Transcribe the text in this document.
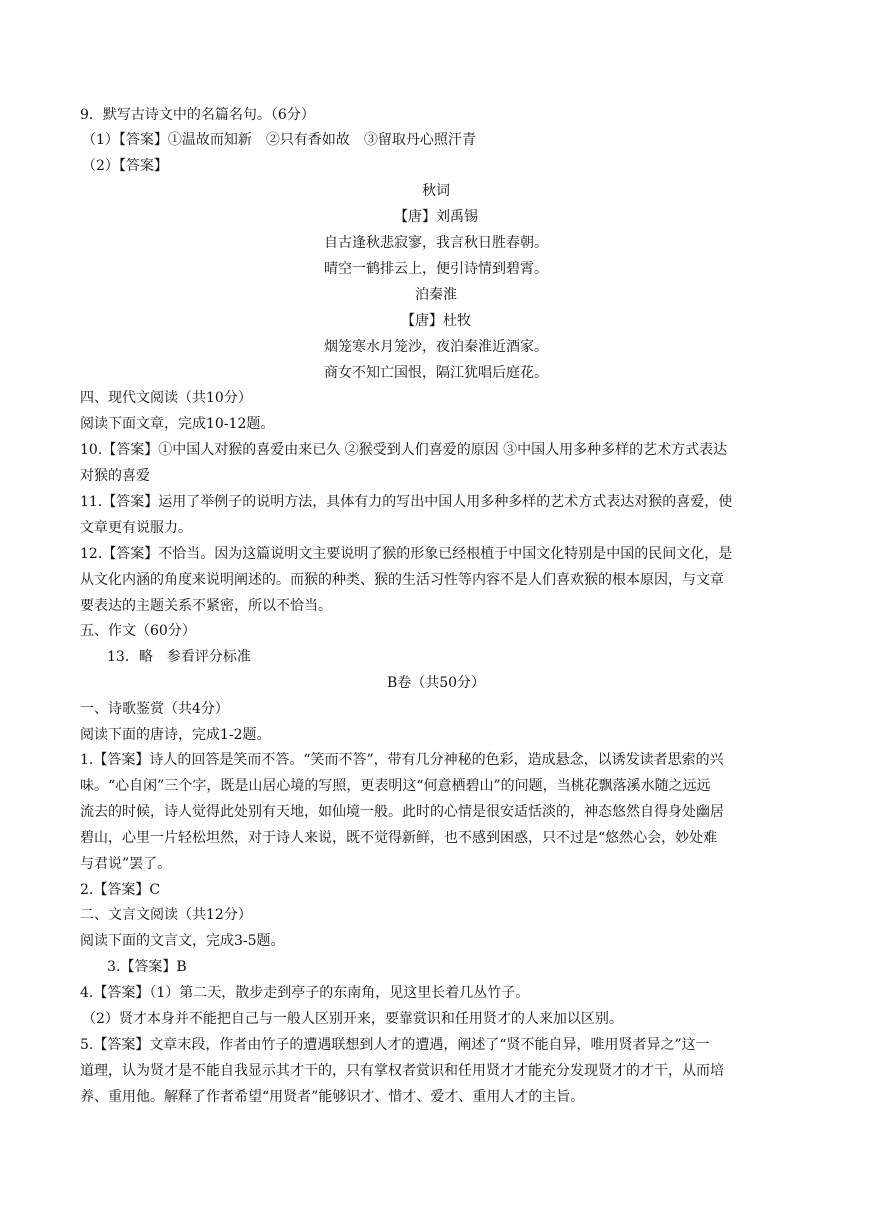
9．默写古诗文中的名篇名句。（6分）
（1）【答案】①温故而知新　②只有香如故　③留取丹心照汗青
（2）【答案】
秋词
【唐】刘禹锡
自古逢秋悲寂寥，我言秋日胜春朝。
晴空一鹤排云上，便引诗情到碧霄。
泊秦淮
【唐】杜牧
烟笼寒水月笼沙，夜泊秦淮近酒家。
商女不知亡国恨，隔江犹唱后庭花。
四、现代文阅读（共10分）
阅读下面文章，完成10-12题。
10.【答案】①中国人对猴的喜爱由来已久 ②猴受到人们喜爱的原因 ③中国人用多种多样的艺术方式表达
对猴的喜爱
11.【答案】运用了举例子的说明方法，具体有力的写出中国人用多种多样的艺术方式表达对猴的喜爱，使
文章更有说服力。
12.【答案】不恰当。因为这篇说明文主要说明了猴的形象已经根植于中国文化特别是中国的民间文化，是
从文化内涵的角度来说明阐述的。而猴的种类、猴的生活习性等内容不是人们喜欢猴的根本原因，与文章
要表达的主题关系不紧密，所以不恰当。
五、作文（60分）
13．略　参看评分标准
B卷（共50分）
一、诗歌鉴赏（共4分）
阅读下面的唐诗，完成1-2题。
1.【答案】诗人的回答是笑而不答。“笑而不答”，带有几分神秘的色彩，造成悬念，以诱发读者思索的兴
味。“心自闲”三个字，既是山居心境的写照，更表明这“何意栖碧山”的问题，当桃花飘落溪水随之远远
流去的时候，诗人觉得此处别有天地，如仙境一般。此时的心情是很安适恬淡的，神态悠然自得身处幽居
碧山，心里一片轻松坦然，对于诗人来说，既不觉得新鲜，也不感到困惑，只不过是“悠然心会，妙处难
与君说”罢了。
2.【答案】C
二、文言文阅读（共12分）
阅读下面的文言文，完成3-5题。
3.【答案】B
4.【答案】（1）第二天，散步走到亭子的东南角，见这里长着几丛竹子。
（2）贤才本身并不能把自己与一般人区别开来，要靠赏识和任用贤才的人来加以区别。
5.【答案】文章末段，作者由竹子的遭遇联想到人才的遭遇，阐述了“贤不能自异，唯用贤者异之”这一
道理，认为贤才是不能自我显示其才干的，只有掌权者赏识和任用贤才才能充分发现贤才的才干，从而培
养、重用他。解释了作者希望“用贤者”能够识才、惜才、爱才、重用人才的主旨。
